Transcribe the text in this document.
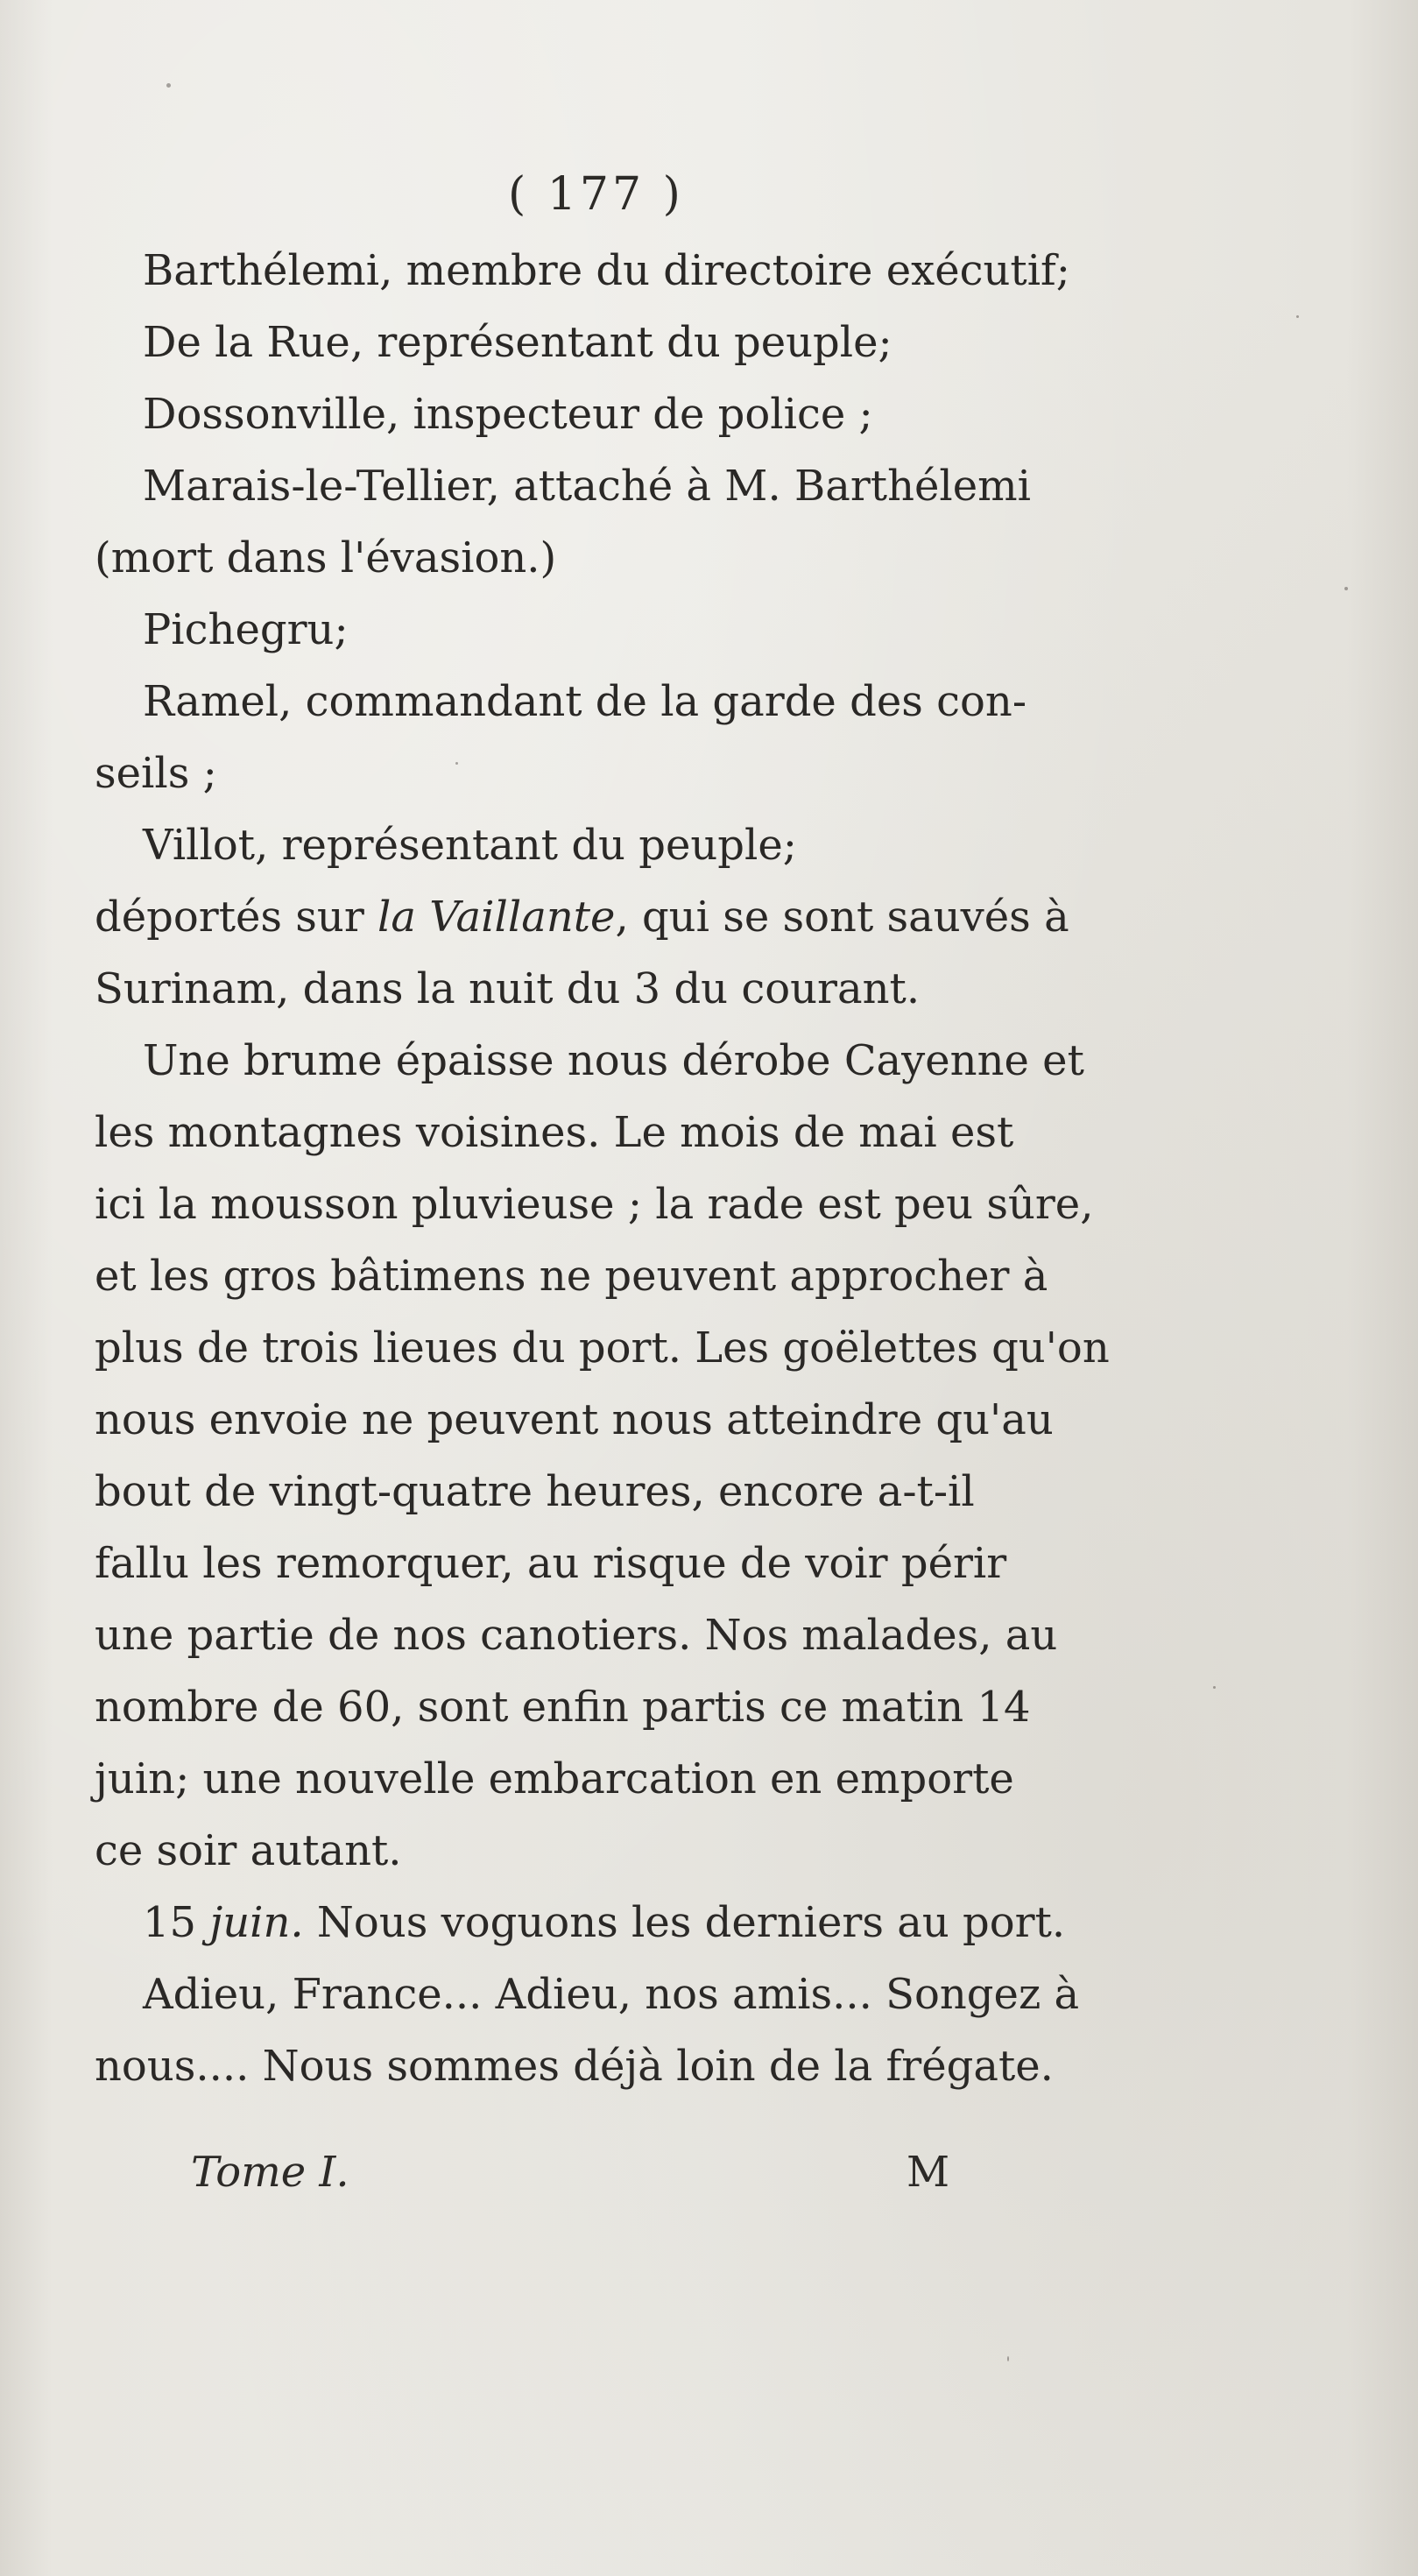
( 177 )
Barthélemi, membre du directoire exécutif;
De la Rue, représentant du peuple;
Dossonville, inspecteur de police ;
Marais-le-Tellier, attaché à M. Barthélemi
(mort dans l'évasion.)
Pichegru;
Ramel, commandant de la garde des con-
seils ;
Villot, représentant du peuple;
déportés sur la Vaillante, qui se sont sauvés à
Surinam, dans la nuit du 3 du courant.
Une brume épaisse nous dérobe Cayenne et
les montagnes voisines. Le mois de mai est
ici la mousson pluvieuse ; la rade est peu sûre,
et les gros bâtimens ne peuvent approcher à
plus de trois lieues du port. Les goëlettes qu'on
nous envoie ne peuvent nous atteindre qu'au
bout de vingt-quatre heures, encore a-t-il
fallu les remorquer, au risque de voir périr
une partie de nos canotiers. Nos malades, au
nombre de 60, sont enfin partis ce matin 14
juin; une nouvelle embarcation en emporte
ce soir autant.
15 juin. Nous voguons les derniers au port.
Adieu, France... Adieu, nos amis... Songez à
nous.... Nous sommes déjà loin de la frégate.
Tome I.	M
